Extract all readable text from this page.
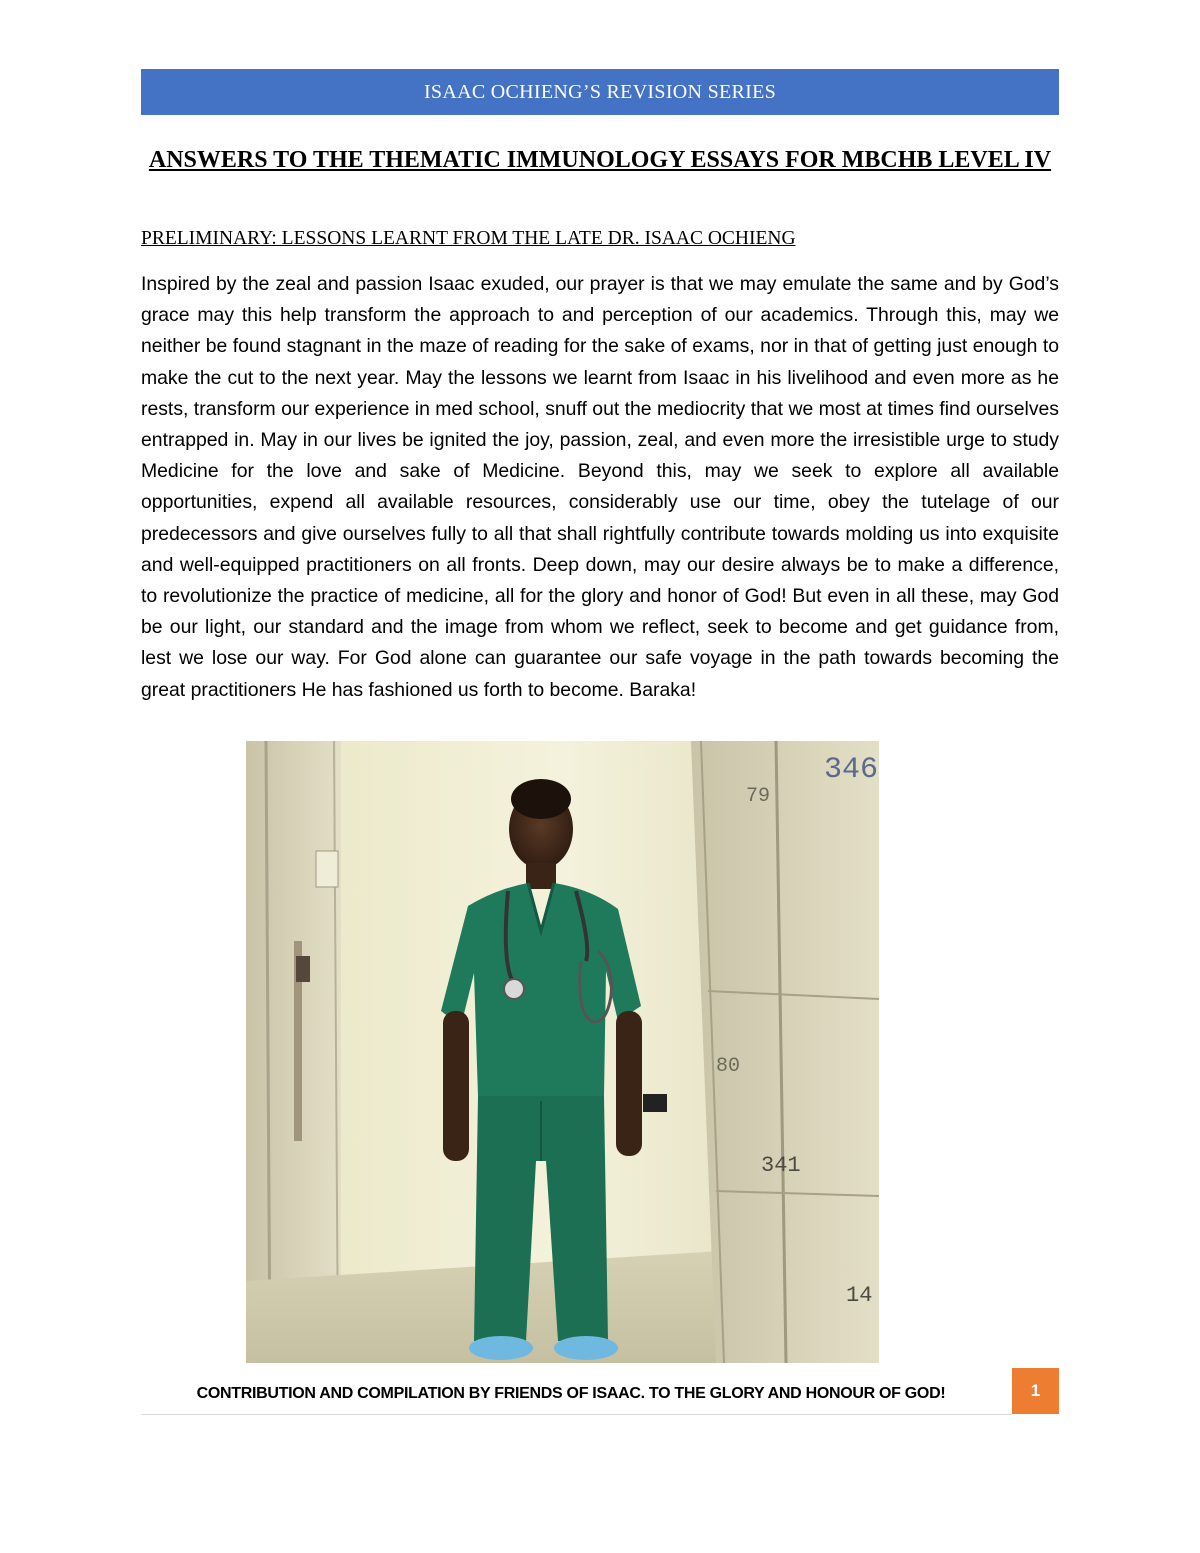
ISAAC OCHIENG’S REVISION SERIES
ANSWERS TO THE THEMATIC IMMUNOLOGY ESSAYS FOR MBCHB LEVEL IV
PRELIMINARY: LESSONS LEARNT FROM THE LATE DR. ISAAC OCHIENG

Inspired by the zeal and passion Isaac exuded, our prayer is that we may emulate the same and by God’s grace may this help transform the approach to and perception of our academics. Through this, may we neither be found stagnant in the maze of reading for the sake of exams, nor in that of getting just enough to make the cut to the next year. May the lessons we learnt from Isaac in his livelihood and even more as he rests, transform our experience in med school, snuff out the mediocrity that we most at times find ourselves entrapped in. May in our lives be ignited the joy, passion, zeal, and even more the irresistible urge to study Medicine for the love and sake of Medicine. Beyond this, may we seek to explore all available opportunities, expend all available resources, considerably use our time, obey the tutelage of our predecessors and give ourselves fully to all that shall rightfully contribute towards molding us into exquisite and well-equipped practitioners on all fronts. Deep down, may our desire always be to make a difference, to revolutionize the practice of medicine, all for the glory and honor of God! But even in all these, may God be our light, our standard and the image from whom we reflect, seek to become and get guidance from, lest we lose our way. For God alone can guarantee our safe voyage in the path towards becoming the great practitioners He has fashioned us forth to become. Baraka!

346
79
80
341
14
CONTRIBUTION AND COMPILATION BY FRIENDS OF ISAAC. TO THE GLORY AND HONOUR OF GOD!	1
